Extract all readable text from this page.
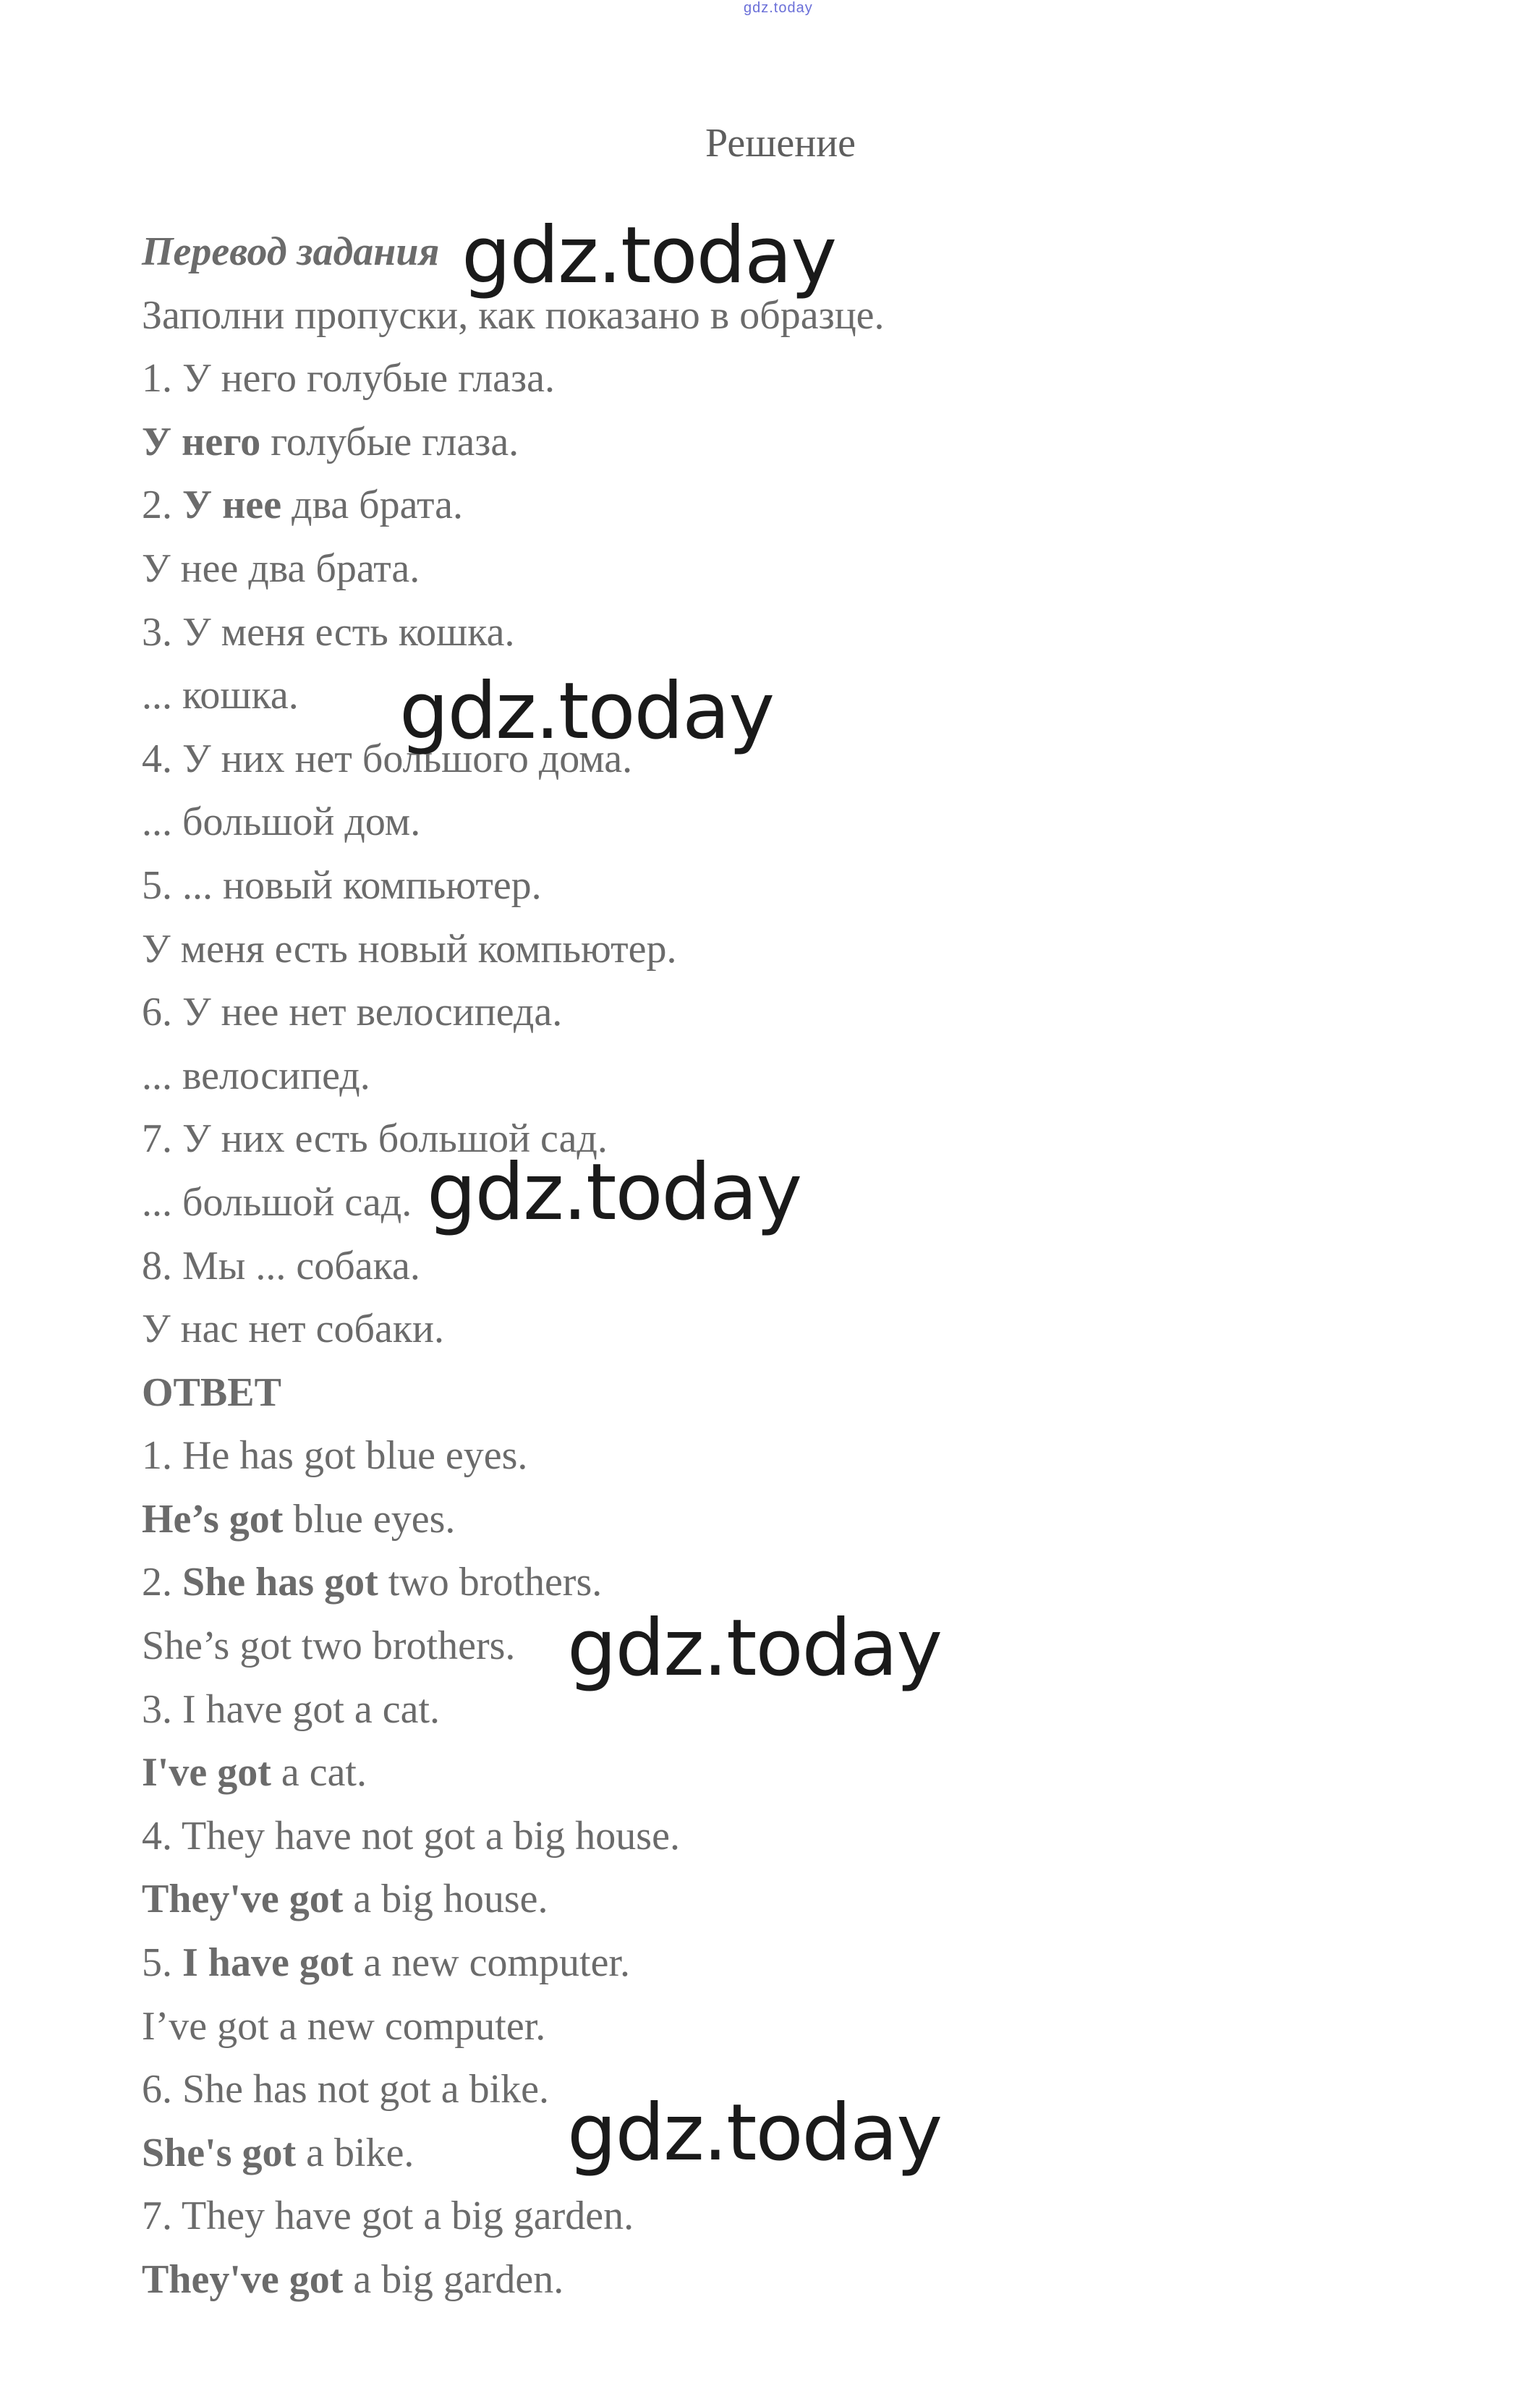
gdz.today
Решение
Перевод задания
Заполни пропуски, как показано в образце.
1. У него голубые глаза.
У него голубые глаза.
2. У нее два брата.
У нее два брата.
3. У меня есть кошка.
... кошка.
4. У них нет большого дома.
... большой дом.
5. ... новый компьютер.
У меня есть новый компьютер.
6. У нее нет велосипеда.
... велосипед.
7. У них есть большой сад.
... большой сад.
8. Мы ... собака.
У нас нет собаки.
ОТВЕТ
1. He has got blue eyes.
He’s got blue eyes.
2. She has got two brothers.
She’s got two brothers.
3. I have got a cat.
I've got a cat.
4. They have not got a big house.
They've got a big house.
5. I have got a new computer.
I’ve got a new computer.
6. She has not got a bike.
She's got a bike.
7. They have got a big garden.
They've got a big garden.
gdz.today
gdz.today
gdz.today
gdz.today
gdz.today
